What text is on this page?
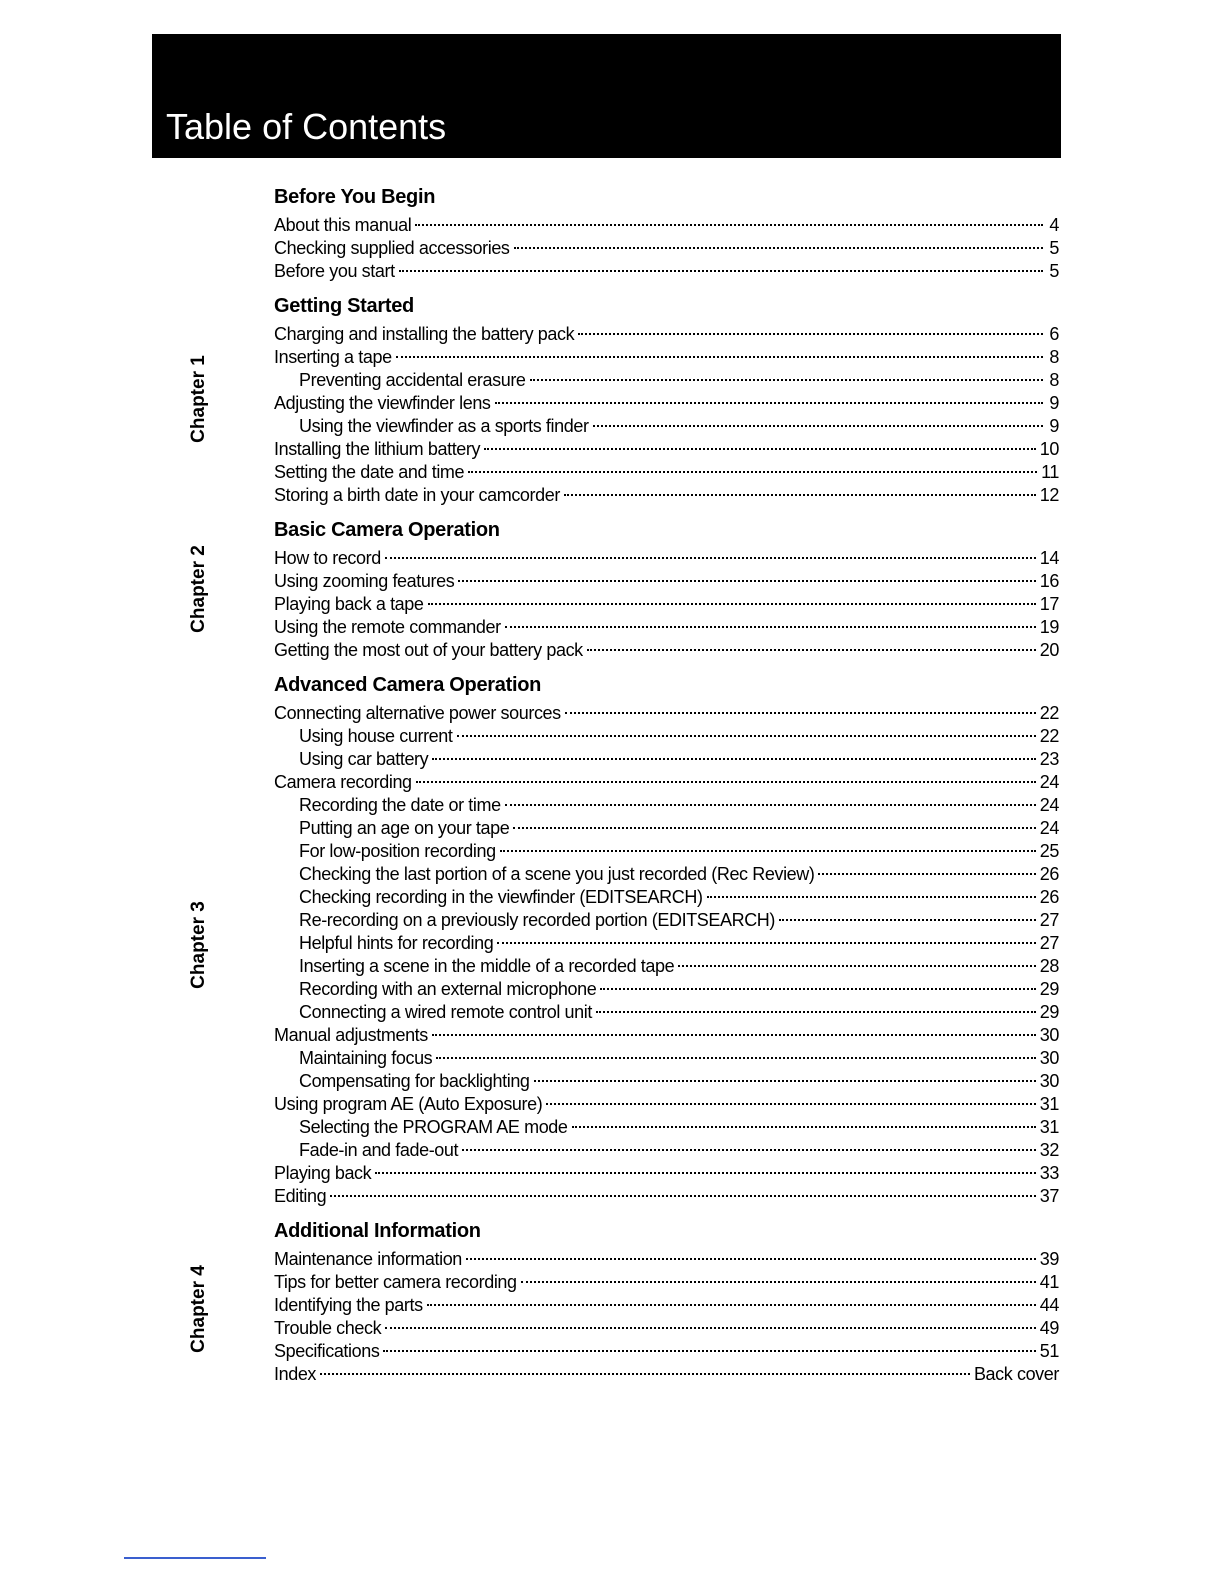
Table of Contents
Chapter 1
Chapter 2
Chapter 3
Chapter 4
Before You Begin
About this manual	4
Checking supplied accessories	5
Before you start	5
Getting Started
Charging and installing the battery pack	6
Inserting a tape	8
Preventing accidental erasure	8
Adjusting the viewfinder lens	9
Using the viewfinder as a sports finder	9
Installing the lithium battery	10
Setting the date and time	11
Storing a birth date in your camcorder	12
Basic Camera Operation
How to record	14
Using zooming features	16
Playing back a tape	17
Using the remote commander	19
Getting the most out of your battery pack	20
Advanced Camera Operation
Connecting alternative power sources	22
Using house current	22
Using car battery	23
Camera recording	24
Recording the date or time	24
Putting an age on your tape	24
For low-position recording	25
Checking the last portion of a scene you just recorded (Rec Review)	26
Checking recording in the viewfinder (EDITSEARCH)	26
Re-recording on a previously recorded portion (EDITSEARCH)	27
Helpful hints for recording	27
Inserting a scene in the middle of a recorded tape	28
Recording with an external microphone	29
Connecting a wired remote control unit	29
Manual adjustments	30
Maintaining focus	30
Compensating for backlighting	30
Using program AE (Auto Exposure)	31
Selecting the PROGRAM AE mode	31
Fade-in and fade-out	32
Playing back	33
Editing	37
Additional Information
Maintenance information	39
Tips for better camera recording	41
Identifying the parts	44
Trouble check	49
Specifications	51
Index	Back cover
